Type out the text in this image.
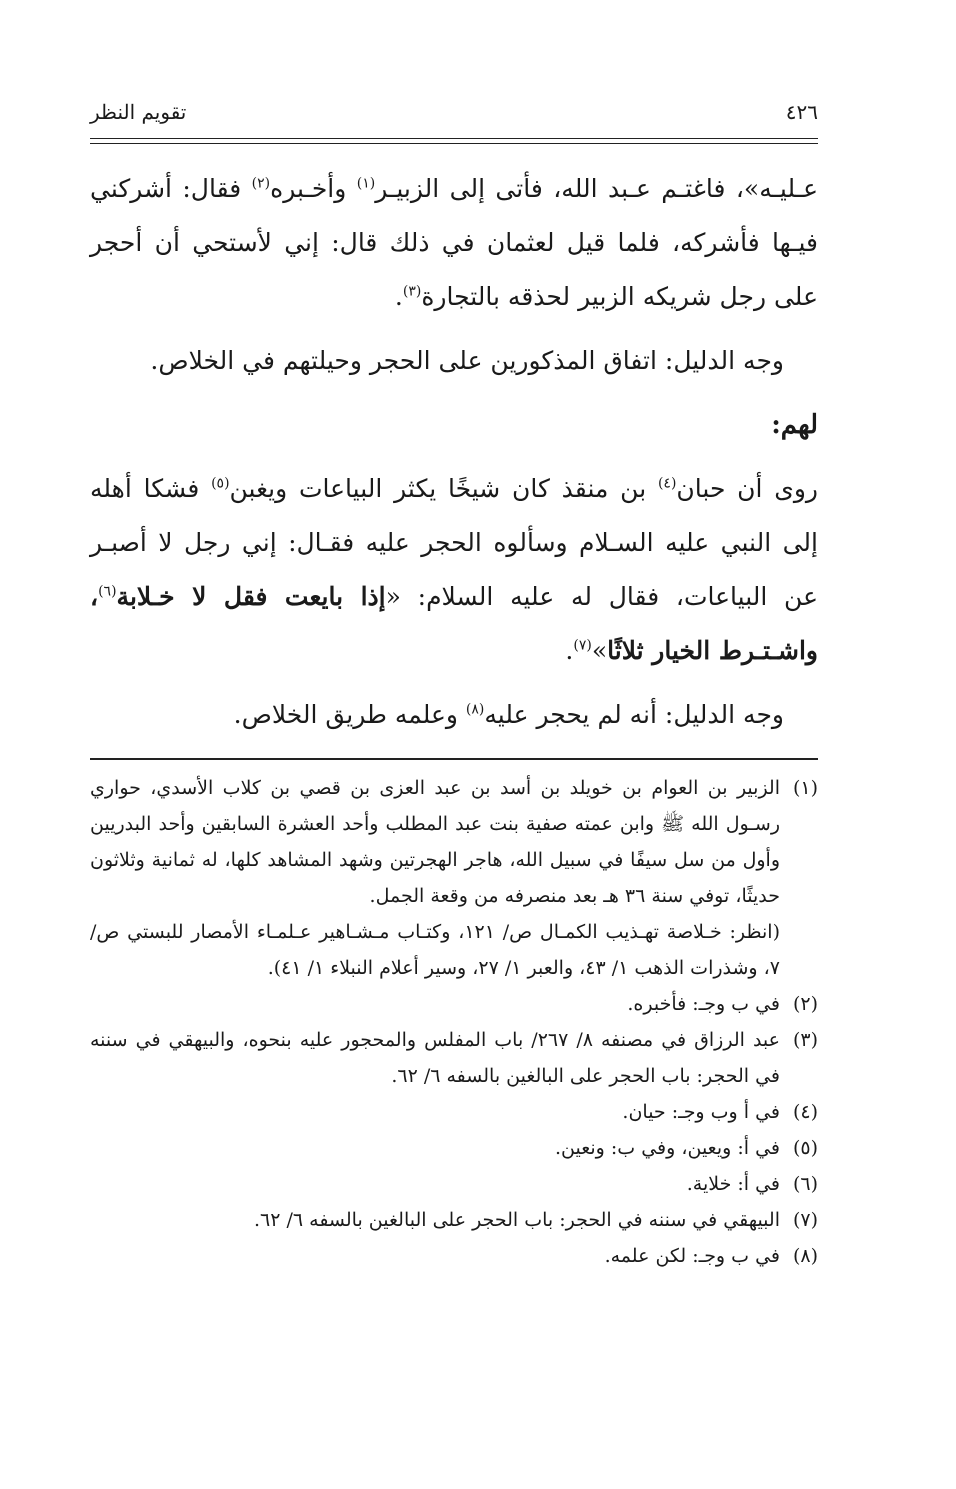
٤٢٦
تقويم النظر

عـليـه»، فاغتـم عـبد الله، فأتى إلى الزبيـر$^{(١)}$ وأخـبره$^{(٢)}$ فقال: أشركني فيـها فأشركه، فلما قيل لعثمان في ذلك قال: إني لأستحي أن أحجر على رجل شريكه الزبير لحذقه بالتجارة$^{(٣)}$.

وجه الدليل: اتفاق المذكورين على الحجر وحيلتهم في الخلاص.

لهم:

روى أن حبان$^{(٤)}$ بن منقذ كان شيخًا يكثر البياعات ويغبن$^{(٥)}$ فشكا أهله إلى النبي عليه السـلام وسألوه الحجر عليه فقـال: إني رجل لا أصبـر عن البياعات، فقال له عليه السلام: «إذا بايعت فقل لا خـلابة$^{(٦)}$، واشـتـرط الخيار ثلاثًا»$^{(٧)}$.

وجه الدليل: أنه لم يحجر عليه$^{(٨)}$ وعلمه طريق الخلاص.

(١)

الزبير بن العوام بن خويلد بن أسد بن عبد العزى بن قصي بن كلاب الأسدي، حواري رسـول الله ﷺ وابن عمته صفية بنت عبد المطلب وأحد العشرة السابقين وأحد البدريين وأول من سل سيفًا في سبيل الله، هاجر الهجرتين وشهد المشاهد كلها، له ثمانية وثلاثون حديثًا، توفي سنة ٣٦ هـ بعد منصرفه من وقعة الجمل.

(انظر: خـلاصة تهـذيب الكمـال ص/ ١٢١، وكتـاب مـشـاهير عـلمـاء الأمصار للبستي ص/ ٧، وشذرات الذهب ١/ ٤٣، والعبر ١/ ٢٧، وسير أعلام النبلاء ١/ ٤١).

(٢)

في ب وجـ: فأخبره.

(٣)

عبد الرزاق في مصنفه ٨/ ٢٦٧/ باب المفلس والمحجور عليه بنحوه، والبيهقي في سننه في الحجر: باب الحجر على البالغين بالسفه ٦/ ٦٢.

(٤)

في أ وب وجـ: حيان.

(٥)

في أ: ويعين، وفي ب: ونعين.

(٦)

في أ: خلاية.

(٧)

البيهقي في سننه في الحجر: باب الحجر على البالغين بالسفه ٦/ ٦٢.

(٨)

في ب وجـ: لكن علمه.
